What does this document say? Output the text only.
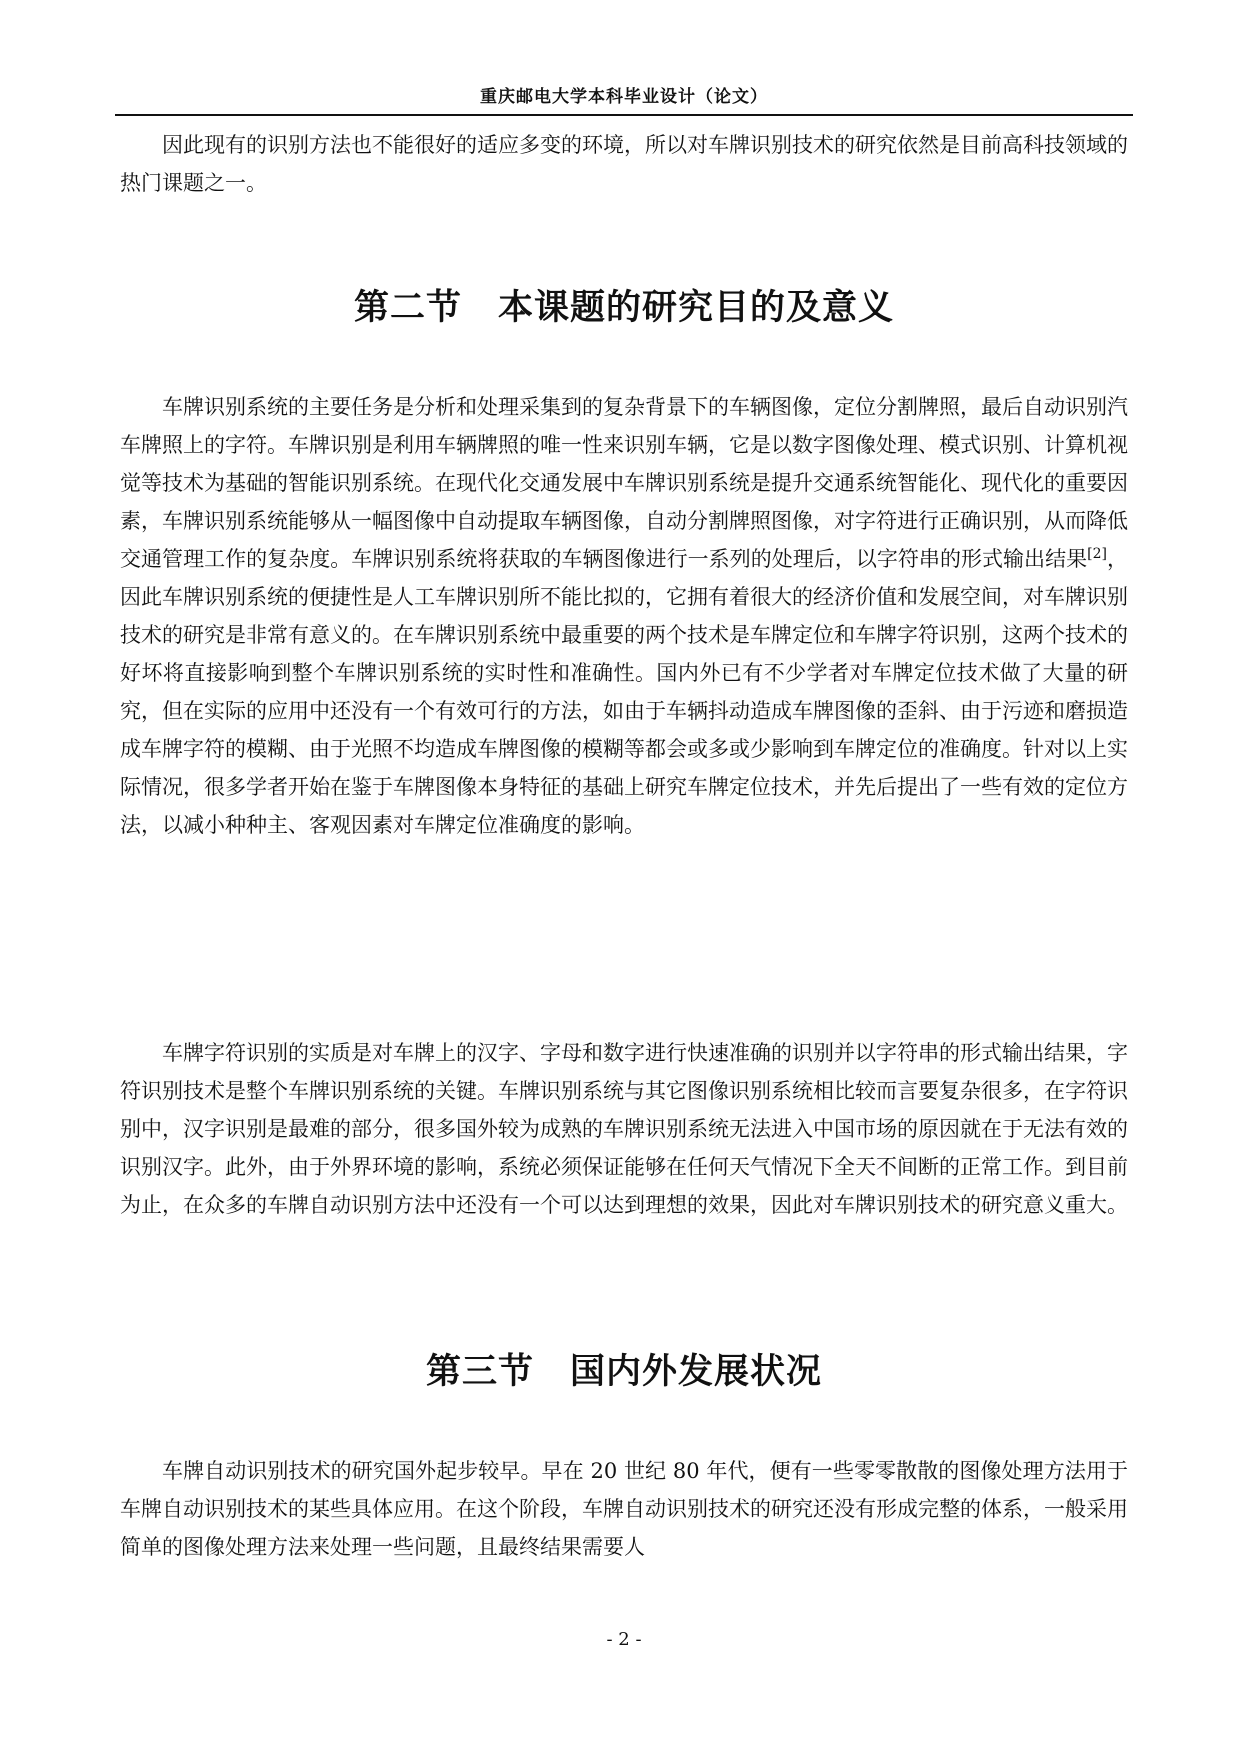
重庆邮电大学本科毕业设计（论文）

因此现有的识别方法也不能很好的适应多变的环境，所以对车牌识别技术的研究依然是目前高科技领域的热门课题之一。

第二节　本课题的研究目的及意义

车牌识别系统的主要任务是分析和处理采集到的复杂背景下的车辆图像，定位分割牌照，最后自动识别汽车牌照上的字符。车牌识别是利用车辆牌照的唯一性来识别车辆，它是以数字图像处理、模式识别、计算机视觉等技术为基础的智能识别系统。在现代化交通发展中车牌识别系统是提升交通系统智能化、现代化的重要因素，车牌识别系统能够从一幅图像中自动提取车辆图像，自动分割牌照图像，对字符进行正确识别，从而降低交通管理工作的复杂度。车牌识别系统将获取的车辆图像进行一系列的处理后，以字符串的形式输出结果[2]，因此车牌识别系统的便捷性是人工车牌识别所不能比拟的，它拥有着很大的经济价值和发展空间，对车牌识别技术的研究是非常有意义的。在车牌识别系统中最重要的两个技术是车牌定位和车牌字符识别，这两个技术的好坏将直接影响到整个车牌识别系统的实时性和准确性。国内外已有不少学者对车牌定位技术做了大量的研究，但在实际的应用中还没有一个有效可行的方法，如由于车辆抖动造成车牌图像的歪斜、由于污迹和磨损造成车牌字符的模糊、由于光照不均造成车牌图像的模糊等都会或多或少影响到车牌定位的准确度。针对以上实际情况，很多学者开始在鉴于车牌图像本身特征的基础上研究车牌定位技术，并先后提出了一些有效的定位方法，以减小种种主、客观因素对车牌定位准确度的影响。

车牌字符识别的实质是对车牌上的汉字、字母和数字进行快速准确的识别并以字符串的形式输出结果，字符识别技术是整个车牌识别系统的关键。车牌识别系统与其它图像识别系统相比较而言要复杂很多，在字符识别中，汉字识别是最难的部分，很多国外较为成熟的车牌识别系统无法进入中国市场的原因就在于无法有效的识别汉字。此外，由于外界环境的影响，系统必须保证能够在任何天气情况下全天不间断的正常工作。到目前为止，在众多的车牌自动识别方法中还没有一个可以达到理想的效果，因此对车牌识别技术的研究意义重大。

第三节　国内外发展状况

车牌自动识别技术的研究国外起步较早。早在 20 世纪 80 年代，便有一些零零散散的图像处理方法用于车牌自动识别技术的某些具体应用。在这个阶段，车牌自动识别技术的研究还没有形成完整的体系，一般采用简单的图像处理方法来处理一些问题，且最终结果需要人

- 2 -
